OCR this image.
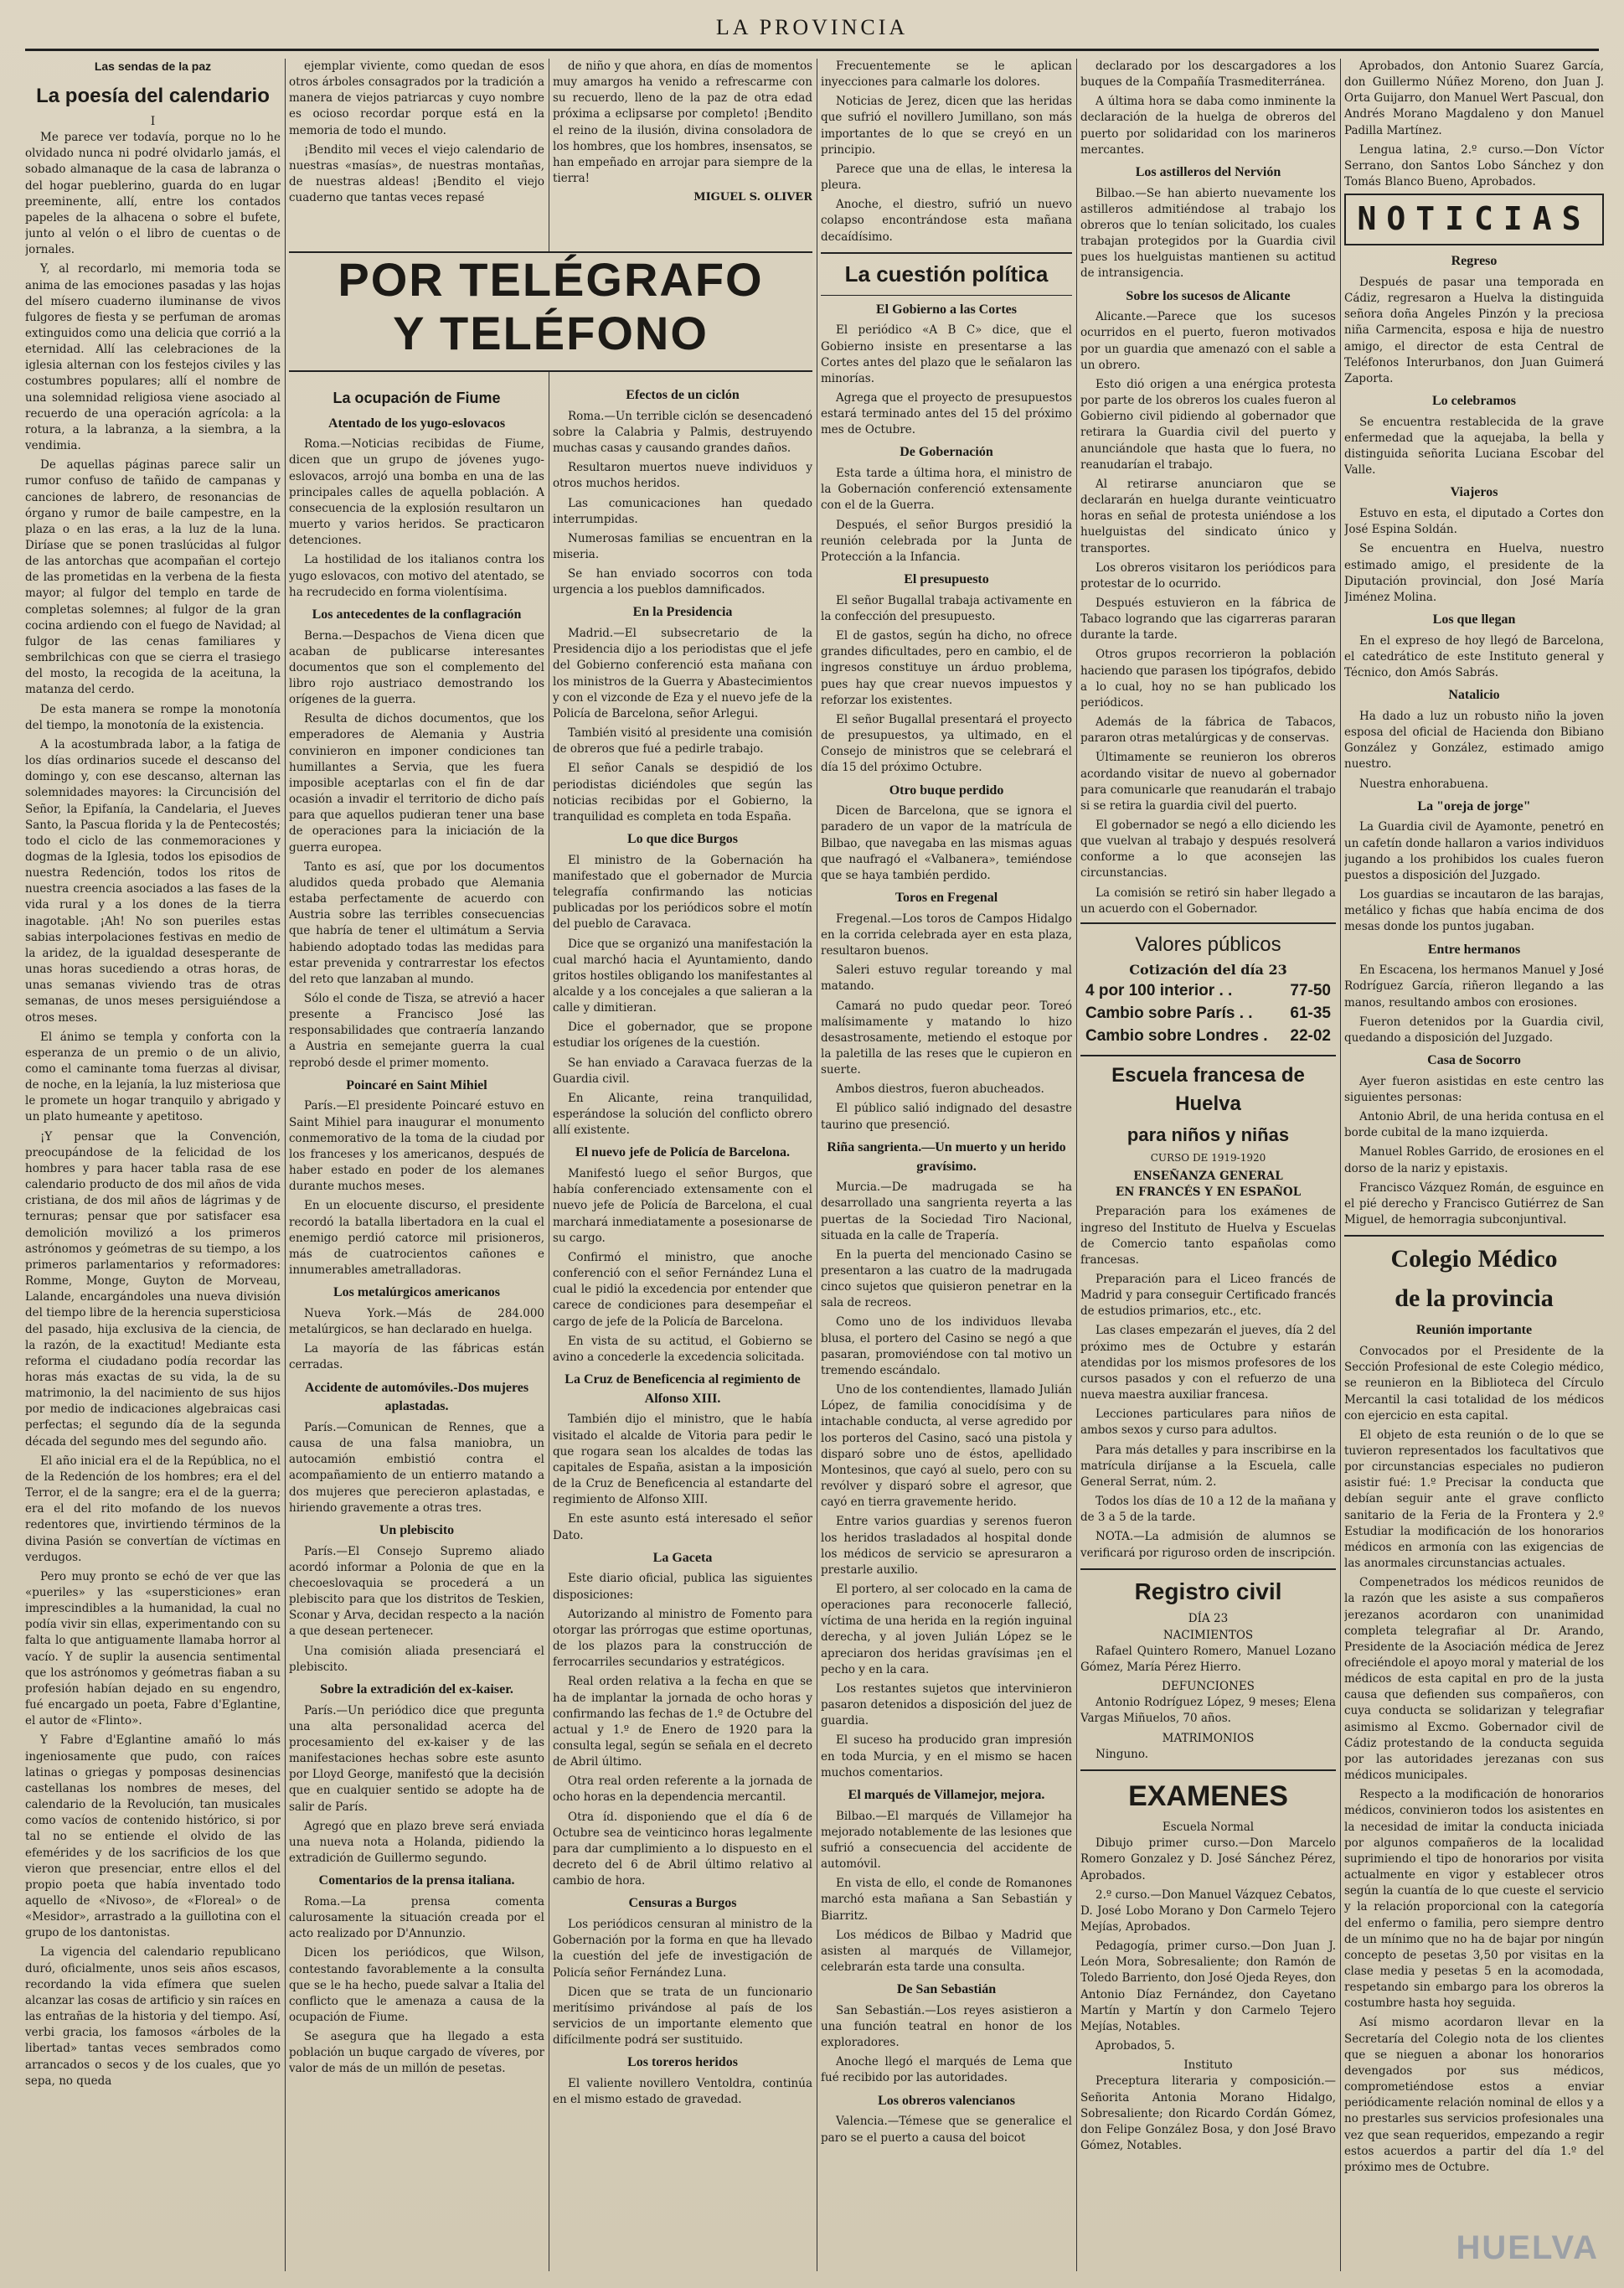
LA PROVINCIA
Las sendas de la paz
La poesía del calendario
I

Me parece ver todavía, porque no lo he olvidado nunca ni podré olvidarlo jamás, el sobado almanaque de la casa de labranza o del hogar pueblerino, guarda do en lugar preeminente, allí, entre los contados papeles de la alhacena o sobre el bufete, junto al velón o el libro de cuentas o de jornales.

Y, al recordarlo, mi memoria toda se anima de las emociones pasadas y las hojas del mísero cuaderno iluminanse de vivos fulgores de fiesta y se perfuman de aromas extinguidos como una delicia que corrió a la eternidad. Allí las celebraciones de la iglesia alternan con los festejos civiles y las costumbres populares; allí el nombre de una solemnidad religiosa viene asociado al recuerdo de una operación agrícola: a la rotura, a la labranza, a la siembra, a la vendimia.

De aquellas páginas parece salir un rumor confuso de tañido de campanas y canciones de labrero, de resonancias de órgano y rumor de baile campestre, en la plaza o en las eras, a la luz de la luna. Diríase que se ponen traslúcidas al fulgor de las antorchas que acompañan el cortejo de las prometidas en la verbena de la fiesta mayor; al fulgor del templo en tarde de completas solemnes; al fulgor de la gran cocina ardiendo con el fuego de Navidad; al fulgor de las cenas familiares y sembrilchicas con que se cierra el trasiego del mosto, la recogida de la aceituna, la matanza del cerdo.

De esta manera se rompe la monotonía del tiempo, la monotonía de la existencia.

A la acostumbrada labor, a la fatiga de los días ordinarios sucede el descanso del domingo y, con ese descanso, alternan las solemnidades mayores: la Circuncisión del Señor, la Epifanía, la Candelaria, el Jueves Santo, la Pascua florida y la de Pentecostés; todo el ciclo de las conmemoraciones y dogmas de la Iglesia, todos los episodios de nuestra Redención, todos los ritos de nuestra creencia asociados a las fases de la vida rural y a los dones de la tierra inagotable. ¡Ah! No son pueriles estas sabias interpolaciones festivas en medio de la aridez, de la igualdad desesperante de unas horas sucediendo a otras horas, de unas semanas viviendo tras de otras semanas, de unos meses persiguiéndose a otros meses.

El ánimo se templa y conforta con la esperanza de un premio o de un alivio, como el caminante toma fuerzas al divisar, de noche, en la lejanía, la luz misteriosa que le promete un hogar tranquilo y abrigado y un plato humeante y apetitoso.

¡Y pensar que la Convención, preocupándose de la felicidad de los hombres y para hacer tabla rasa de ese calendario producto de dos mil años de vida cristiana, de dos mil años de lágrimas y de ternuras; pensar que por satisfacer esa demolición movilizó a los primeros astrónomos y geómetras de su tiempo, a los primeros parlamentarios y reformadores: Romme, Monge, Guyton de Morveau, Lalande, encargándoles una nueva división del tiempo libre de la herencia supersticiosa del pasado, hija exclusiva de la ciencia, de la razón, de la exactitud! Mediante esta reforma el ciudadano podía recordar las horas más exactas de su vida, la de su matrimonio, la del nacimiento de sus hijos por medio de indicaciones algebraicas casi perfectas; el segundo día de la segunda década del segundo mes del segundo año.

El año inicial era el de la República, no el de la Redención de los hombres; era el del Terror, el de la sangre; era el de la guerra; era el del rito mofando de los nuevos redentores que, invirtiendo términos de la divina Pasión se convertían de víctimas en verdugos.

Pero muy pronto se echó de ver que las «pueriles» y las «supersticiones» eran imprescindibles a la humanidad, la cual no podía vivir sin ellas, experimentando con su falta lo que antiguamente llamaba horror al vacío. Y de suplir la ausencia sentimental que los astrónomos y geómetras fiaban a su profesión habían dejado en su engendro, fué encargado un poeta, Fabre d'Eglantine, el autor de «Flinto».

Y Fabre d'Eglantine amañó lo más ingeniosamente que pudo, con raíces latinas o griegas y pomposas desinencias castellanas los nombres de meses, del calendario de la Revolución, tan musicales como vacíos de contenido histórico, si por tal no se entiende el olvido de las efemérides y de los sacrificios de los que vieron que presenciar, entre ellos el del propio poeta que había inventado todo aquello de «Nivoso», de «Floreal» o de «Mesidor», arrastrado a la guillotina con el grupo de los dantonistas.

La vigencia del calendario republicano duró, oficialmente, unos seis años escasos, recordando la vida efímera que suelen alcanzar las cosas de artificio y sin raíces en las entrañas de la historia y del tiempo. Así, verbi gracia, los famosos «árboles de la libertad» tantas veces sembrados como arrancados o secos y de los cuales, que yo sepa, no queda

ejemplar viviente, como quedan de esos otros árboles consagrados por la tradición a manera de viejos patriarcas y cuyo nombre es ocioso recordar porque está en la memoria de todo el mundo.

¡Bendito mil veces el viejo calendario de nuestras «masías», de nuestras montañas, de nuestras aldeas! ¡Bendito el viejo cuaderno que tantas veces repasé

de niño y que ahora, en días de momentos muy amargos ha venido a refrescarme con su recuerdo, lleno de la paz de otra edad próxima a eclipsarse por completo! ¡Bendito el reino de la ilusión, divina consoladora de los hombres, que los hombres, insensatos, se han empeñado en arrojar para siempre de la tierra!

MIGUEL S. OLIVER
POR TELÉGRAFO
Y TELÉFONO
La ocupación de Fiume
Atentado de los yugo-eslovacos

Roma.—Noticias recibidas de Fiume, dicen que un grupo de jóvenes yugo-eslovacos, arrojó una bomba en una de las principales calles de aquella población. A consecuencia de la explosión resultaron un muerto y varios heridos. Se practicaron detenciones.

La hostilidad de los italianos contra los yugo eslovacos, con motivo del atentado, se ha recrudecido en forma violentísima.

Los antecedentes de la conflagración

Berna.—Despachos de Viena dicen que acaban de publicarse interesantes documentos que son el complemento del libro rojo austriaco demostrando los orígenes de la guerra.

Resulta de dichos documentos, que los emperadores de Alemania y Austria convinieron en imponer condiciones tan humillantes a Servia, que les fuera imposible aceptarlas con el fin de dar ocasión a invadir el territorio de dicho país para que aquellos pudieran tener una base de operaciones para la iniciación de la guerra europea.

Tanto es así, que por los documentos aludidos queda probado que Alemania estaba perfectamente de acuerdo con Austria sobre las terribles consecuencias que habría de tener el ultimátum a Servia habiendo adoptado todas las medidas para estar prevenida y contrarrestar los efectos del reto que lanzaban al mundo.

Sólo el conde de Tisza, se atrevió a hacer presente a Francisco José las responsabilidades que contraería lanzando a Austria en semejante guerra la cual reprobó desde el primer momento.

Poincaré en Saint Mihiel

París.—El presidente Poincaré estuvo en Saint Mihiel para inaugurar el monumento conmemorativo de la toma de la ciudad por los franceses y los americanos, después de haber estado en poder de los alemanes durante muchos meses.

En un elocuente discurso, el presidente recordó la batalla libertadora en la cual el enemigo perdió catorce mil prisioneros, más de cuatrocientos cañones e innumerables ametralladoras.

Los metalúrgicos americanos

Nueva York.—Más de 284.000 metalúrgicos, se han declarado en huelga.

La mayoría de las fábricas están cerradas.

Accidente de automóviles.-Dos mujeres aplastadas.

París.—Comunican de Rennes, que a causa de una falsa maniobra, un autocamión embistió contra el acompañamiento de un entierro matando a dos mujeres que perecieron aplastadas, e hiriendo gravemente a otras tres.

Un plebiscito

París.—El Consejo Supremo aliado acordó informar a Polonia de que en la checoeslovaquia se procederá a un plebiscito para que los distritos de Teskien, Sconar y Arva, decidan respecto a la nación a que desean pertenecer.

Una comisión aliada presenciará el plebiscito.

Sobre la extradición del ex-kaiser.

París.—Un periódico dice que pregunta una alta personalidad acerca del procesamiento del ex-kaiser y de las manifestaciones hechas sobre este asunto por Lloyd George, manifestó que la decisión que en cualquier sentido se adopte ha de salir de París.

Agregó que en plazo breve será enviada una nueva nota a Holanda, pidiendo la extradición de Guillermo segundo.

Comentarios de la prensa italiana.

Roma.—La prensa comenta calurosamente la situación creada por el acto realizado por D'Annunzio.

Dicen los periódicos, que Wilson, contestando favorablemente a la consulta que se le ha hecho, puede salvar a Italia del conflicto que le amenaza a causa de la ocupación de Fiume.

Se asegura que ha llegado a esta población un buque cargado de víveres, por valor de más de un millón de pesetas.

Efectos de un ciclón

Roma.—Un terrible ciclón se desencadenó sobre la Calabria y Palmis, destruyendo muchas casas y causando grandes daños.

Resultaron muertos nueve individuos y otros muchos heridos.

Las comunicaciones han quedado interrumpidas.

Numerosas familias se encuentran en la miseria.

Se han enviado socorros con toda urgencia a los pueblos damnificados.

En la Presidencia

Madrid.—El subsecretario de la Presidencia dijo a los periodistas que el jefe del Gobierno conferenció esta mañana con los ministros de la Guerra y Abastecimientos y con el vizconde de Eza y el nuevo jefe de la Policía de Barcelona, señor Arlegui.

También visitó al presidente una comisión de obreros que fué a pedirle trabajo.

El señor Canals se despidió de los periodistas diciéndoles que según las noticias recibidas por el Gobierno, la tranquilidad es completa en toda España.

Lo que dice Burgos

El ministro de la Gobernación ha manifestado que el gobernador de Murcia telegrafía confirmando las noticias publicadas por los periódicos sobre el motín del pueblo de Caravaca.

Dice que se organizó una manifestación la cual marchó hacia el Ayuntamiento, dando gritos hostiles obligando los manifestantes al alcalde y a los concejales a que salieran a la calle y dimitieran.

Dice el gobernador, que se propone estudiar los orígenes de la cuestión.

Se han enviado a Caravaca fuerzas de la Guardia civil.

En Alicante, reina tranquilidad, esperándose la solución del conflicto obrero allí existente.

El nuevo jefe de Policía de Barcelona.

Manifestó luego el señor Burgos, que había conferenciado extensamente con el nuevo jefe de Policía de Barcelona, el cual marchará inmediatamente a posesionarse de su cargo.

Confirmó el ministro, que anoche conferenció con el señor Fernández Luna el cual le pidió la excedencia por entender que carece de condiciones para desempeñar el cargo de jefe de la Policía de Barcelona.

En vista de su actitud, el Gobierno se avino a concederle la excedencia solicitada.

La Cruz de Beneficencia al regimiento de Alfonso XIII.

También dijo el ministro, que le había visitado el alcalde de Vitoria para pedir le que rogara sean los alcaldes de todas las capitales de España, asistan a la imposición de la Cruz de Beneficencia al estandarte del regimiento de Alfonso XIII.

En este asunto está interesado el señor Dato.

La Gaceta

Este diario oficial, publica las siguientes disposiciones:

Autorizando al ministro de Fomento para otorgar las prórrogas que estime oportunas, de los plazos para la construcción de ferrocarriles secundarios y estratégicos.

Real orden relativa a la fecha en que se ha de implantar la jornada de ocho horas y confirmando las fechas de 1.º de Octubre del actual y 1.º de Enero de 1920 para la consulta legal, según se señala en el decreto de Abril último.

Otra real orden referente a la jornada de ocho horas en la dependencia mercantil.

Otra íd. disponiendo que el día 6 de Octubre sea de veinticinco horas legalmente para dar cumplimiento a lo dispuesto en el decreto del 6 de Abril último relativo al cambio de hora.

Censuras a Burgos

Los periódicos censuran al ministro de la Gobernación por la forma en que ha llevado la cuestión del jefe de investigación de Policía señor Fernández Luna.

Dicen que se trata de un funcionario meritísimo privándose al país de los servicios de un importante elemento que difícilmente podrá ser sustituido.

Los toreros heridos

El valiente novillero Ventoldra, continúa en el mismo estado de gravedad.

Frecuentemente se le aplican inyecciones para calmarle los dolores.

Noticias de Jerez, dicen que las heridas que sufrió el novillero Jumillano, son más importantes de lo que se creyó en un principio.

Parece que una de ellas, le interesa la pleura.

Anoche, el diestro, sufrió un nuevo colapso encontrándose esta mañana decaídísimo.

La cuestión política
El Gobierno a las Cortes

El periódico «A B C» dice, que el Gobierno insiste en presentarse a las Cortes antes del plazo que le señalaron las minorías.

Agrega que el proyecto de presupuestos estará terminado antes del 15 del próximo mes de Octubre.

De Gobernación

Esta tarde a última hora, el ministro de la Gobernación conferenció extensamente con el de la Guerra.

Después, el señor Burgos presidió la reunión celebrada por la Junta de Protección a la Infancia.

El presupuesto

El señor Bugallal trabaja activamente en la confección del presupuesto.

El de gastos, según ha dicho, no ofrece grandes dificultades, pero en cambio, el de ingresos constituye un árduo problema, pues hay que crear nuevos impuestos y reforzar los existentes.

El señor Bugallal presentará el proyecto de presupuestos, ya ultimado, en el Consejo de ministros que se celebrará el día 15 del próximo Octubre.

Otro buque perdido

Dicen de Barcelona, que se ignora el paradero de un vapor de la matrícula de Bilbao, que navegaba en las mismas aguas que naufragó el «Valbanera», temiéndose que se haya también perdido.

Toros en Fregenal

Fregenal.—Los toros de Campos Hidalgo en la corrida celebrada ayer en esta plaza, resultaron buenos.

Saleri estuvo regular toreando y mal matando.

Camará no pudo quedar peor. Toreó malísimamente y matando lo hizo desastrosamente, metiendo el estoque por la paletilla de las reses que le cupieron en suerte.

Ambos diestros, fueron abucheados.

El público salió indignado del desastre taurino que presenció.

Riña sangrienta.—Un muerto y un herido gravísimo.

Murcia.—De madrugada se ha desarrollado una sangrienta reyerta a las puertas de la Sociedad Tiro Nacional, situada en la calle de Trapería.

En la puerta del mencionado Casino se presentaron a las cuatro de la madrugada cinco sujetos que quisieron penetrar en la sala de recreos.

Como uno de los individuos llevaba blusa, el portero del Casino se negó a que pasaran, promoviéndose con tal motivo un tremendo escándalo.

Uno de los contendientes, llamado Julián López, de familia conocidísima y de intachable conducta, al verse agredido por los porteros del Casino, sacó una pistola y disparó sobre uno de éstos, apellidado Montesinos, que cayó al suelo, pero con su revólver y disparó sobre el agresor, que cayó en tierra gravemente herido.

Entre varios guardias y serenos fueron los heridos trasladados al hospital donde los médicos de servicio se apresuraron a prestarle auxilio.

El portero, al ser colocado en la cama de operaciones para reconocerle falleció, víctima de una herida en la región inguinal derecha, y al joven Julián López se le apreciaron dos heridas gravísimas ¡en el pecho y en la cara.

Los restantes sujetos que intervinieron pasaron detenidos a disposición del juez de guardia.

El suceso ha producido gran impresión en toda Murcia, y en el mismo se hacen muchos comentarios.

El marqués de Villamejor, mejora.

Bilbao.—El marqués de Villamejor ha mejorado notablemente de las lesiones que sufrió a consecuencia del accidente de automóvil.

En vista de ello, el conde de Romanones marchó esta mañana a San Sebastián y Biarritz.

Los médicos de Bilbao y Madrid que asisten al marqués de Villamejor, celebrarán esta tarde una consulta.

De San Sebastián

San Sebastián.—Los reyes asistieron a una función teatral en honor de los exploradores.

Anoche llegó el marqués de Lema que fué recibido por las autoridades.

Los obreros valencianos

Valencia.—Témese que se generalice el paro se el puerto a causa del boicot

declarado por los descargadores a los buques de la Compañía Trasmediterránea.

A última hora se daba como inminente la declaración de la huelga de obreros del puerto por solidaridad con los marineros mercantes.

Los astilleros del Nervión

Bilbao.—Se han abierto nuevamente los astilleros admitiéndose al trabajo los obreros que lo tenían solicitado, los cuales trabajan protegidos por la Guardia civil pues los huelguistas mantienen su actitud de intransigencia.

Sobre los sucesos de Alicante

Alicante.—Parece que los sucesos ocurridos en el puerto, fueron motivados por un guardia que amenazó con el sable a un obrero.

Esto dió origen a una enérgica protesta por parte de los obreros los cuales fueron al Gobierno civil pidiendo al gobernador que retirara la Guardia civil del puerto y anunciándole que hasta que lo fuera, no reanudarían el trabajo.

Al retirarse anunciaron que se declararán en huelga durante veinticuatro horas en señal de protesta uniéndose a los huelguistas del sindicato único y transportes.

Los obreros visitaron los periódicos para protestar de lo ocurrido.

Después estuvieron en la fábrica de Tabaco logrando que las cigarreras pararan durante la tarde.

Otros grupos recorrieron la población haciendo que parasen los tipógrafos, debido a lo cual, hoy no se han publicado los periódicos.

Además de la fábrica de Tabacos, pararon otras metalúrgicas y de conservas.

Últimamente se reunieron los obreros acordando visitar de nuevo al gobernador para comunicarle que reanudarán el trabajo si se retira la guardia civil del puerto.

El gobernador se negó a ello diciendo les que vuelvan al trabajo y después resolverá conforme a lo que aconsejen las circunstancias.

La comisión se retiró sin haber llegado a un acuerdo con el Gobernador.

Valores públicos
Cotización del día 23
4 por 100 interior . .	77-50
Cambio sobre París . . 61-35
Cambio sobre Londres . 22-02
Escuela francesa de Huelva
para niños y niñas
CURSO DE 1919-1920
ENSEÑANZA GENERAL
EN FRANCÉS Y EN ESPAÑOL

Preparación para los exámenes de ingreso del Instituto de Huelva y Escuelas de Comercio tanto españolas como francesas.

Preparación para el Liceo francés de Madrid y para conseguir Certificado francés de estudios primarios, etc., etc.

Las clases empezarán el jueves, día 2 del próximo mes de Octubre y estarán atendidas por los mismos profesores de los cursos pasados y con el refuerzo de una nueva maestra auxiliar francesa.

Lecciones particulares para niños de ambos sexos y curso para adultos.

Para más detalles y para inscribirse en la matrícula diríjanse a la Escuela, calle General Serrat, núm. 2.

Todos los días de 10 a 12 de la mañana y de 3 a 5 de la tarde.

NOTA.—La admisión de alumnos se verificará por riguroso orden de inscripción.

Registro civil
DÍA 23
NACIMIENTOS

Rafael Quintero Romero, Manuel Lozano Gómez, María Pérez Hierro.

DEFUNCIONES

Antonio Rodríguez López, 9 meses; Elena Vargas Miñuelos, 70 años.

MATRIMONIOS

Ninguno.

EXAMENES
Escuela Normal

Dibujo primer curso.—Don Marcelo Romero Gonzalez y D. José Sánchez Pérez, Aprobados.

2.º curso.—Don Manuel Vázquez Cebatos, D. José Lobo Morano y Don Carmelo Tejero Mejías, Aprobados.

Pedagogía, primer curso.—Don Juan J. León Mora, Sobresaliente; don Ramón de Toledo Barriento, don José Ojeda Reyes, don Antonio Díaz Fernández, don Cayetano Martín y Martín y don Carmelo Tejero Mejías, Notables.

Aprobados, 5.

Instituto

Preceptura literaria y composición.—Señorita Antonia Morano Hidalgo, Sobresaliente; don Ricardo Cordán Gómez, don Felipe González Bosa, y don José Bravo Gómez, Notables.

Aprobados, don Antonio Suarez García, don Guillermo Núñez Moreno, don Juan J. Orta Guijarro, don Manuel Wert Pascual, don Andrés Morano Magdaleno y don Manuel Padilla Martínez.

Lengua latina, 2.º curso.—Don Víctor Serrano, don Santos Lobo Sánchez y don Tomás Blanco Bueno, Aprobados.

NOTICIAS
Regreso

Después de pasar una temporada en Cádiz, regresaron a Huelva la distinguida señora doña Angeles Pinzón y la preciosa niña Carmencita, esposa e hija de nuestro amigo, el director de esta Central de Teléfonos Interurbanos, don Juan Guimerá Zaporta.

Lo celebramos

Se encuentra restablecida de la grave enfermedad que la aquejaba, la bella y distinguida señorita Luciana Escobar del Valle.

Viajeros

Estuvo en esta, el diputado a Cortes don José Espina Soldán.

Se encuentra en Huelva, nuestro estimado amigo, el presidente de la Diputación provincial, don José María Jiménez Molina.

Los que llegan

En el expreso de hoy llegó de Barcelona, el catedrático de este Instituto general y Técnico, don Amós Sabrás.

Natalicio

Ha dado a luz un robusto niño la joven esposa del oficial de Hacienda don Bibiano González y González, estimado amigo nuestro.

Nuestra enhorabuena.

La "oreja de jorge"

La Guardia civil de Ayamonte, penetró en un cafetín donde hallaron a varios individuos jugando a los prohibidos los cuales fueron puestos a disposición del Juzgado.

Los guardias se incautaron de las barajas, metálico y fichas que había encima de dos mesas donde los puntos jugaban.

Entre hermanos

En Escacena, los hermanos Manuel y José Rodríguez García, riñeron llegando a las manos, resultando ambos con erosiones.

Fueron detenidos por la Guardia civil, quedando a disposición del Juzgado.

Casa de Socorro

Ayer fueron asistidas en este centro las siguientes personas:

Antonio Abril, de una herida contusa en el borde cubital de la mano izquierda.

Manuel Robles Garrido, de erosiones en el dorso de la nariz y epistaxis.

Francisco Vázquez Román, de esguince en el pié derecho y Francisco Gutiérrez de San Miguel, de hemorragia subconjuntival.

Colegio Médico
de la provincia
Reunión importante

Convocados por el Presidente de la Sección Profesional de este Colegio médico, se reunieron en la Biblioteca del Círculo Mercantil la casi totalidad de los médicos con ejercicio en esta capital.

El objeto de esta reunión o de lo que se tuvieron representados los facultativos que por circunstancias especiales no pudieron asistir fué: 1.º Precisar la conducta que debían seguir ante el grave conflicto sanitario de la Feria de la Frontera y 2.º Estudiar la modificación de los honorarios médicos en armonía con las exigencias de las anormales circunstancias actuales.

Compenetrados los médicos reunidos de la razón que les asiste a sus compañeros jerezanos acordaron con unanimidad completa telegrafiar al Dr. Arando, Presidente de la Asociación médica de Jerez ofreciéndole el apoyo moral y material de los médicos de esta capital en pro de la justa causa que defienden sus compañeros, con cuya conducta se solidarizan y telegrafiar asimismo al Excmo. Gobernador civil de Cádiz protestando de la conducta seguida por las autoridades jerezanas con sus médicos municipales.

Respecto a la modificación de honorarios médicos, convinieron todos los asistentes en la necesidad de imitar la conducta iniciada por algunos compañeros de la localidad suprimiendo el tipo de honorarios por visita actualmente en vigor y establecer otros según la cuantía de lo que cueste el servicio y la relación proporcional con la categoría del enfermo o familia, pero siempre dentro de un mínimo que no ha de bajar por ningún concepto de pesetas 3,50 por visitas en la clase media y pesetas 5 en la acomodada, respetando sin embargo para los obreros la costumbre hasta hoy seguida.

Así mismo acordaron llevar en la Secretaría del Colegio nota de los clientes que se nieguen a abonar los honorarios devengados por sus médicos, comprometiéndose estos a enviar periódicamente relación nominal de ellos y a no prestarles sus servicios profesionales una vez que sean requeridos, empezando a regir estos acuerdos a partir del día 1.º del próximo mes de Octubre.

HUELVA
